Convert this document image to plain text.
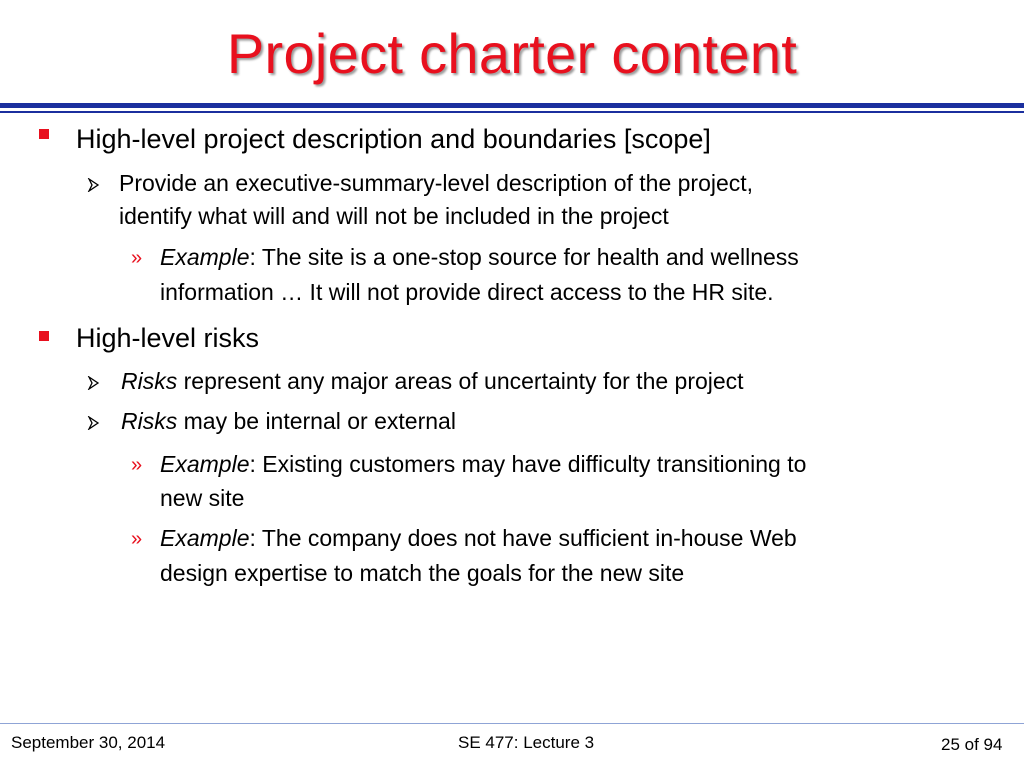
Project charter content
High-level project description and boundaries [scope]
Provide an executive-summary-level description of the project,
identify what will and will not be included in the project
» Example: The site is a one-stop source for health and wellness
information … It will not provide direct access to the HR site.
High-level risks
Risks represent any major areas of uncertainty for the project
Risks may be internal or external
» Example: Existing customers may have difficulty transitioning to
new site
» Example: The company does not have sufficient in-house Web
design expertise to match the goals for the new site
September 30, 2014	SE 477: Lecture 3	25 of 94
